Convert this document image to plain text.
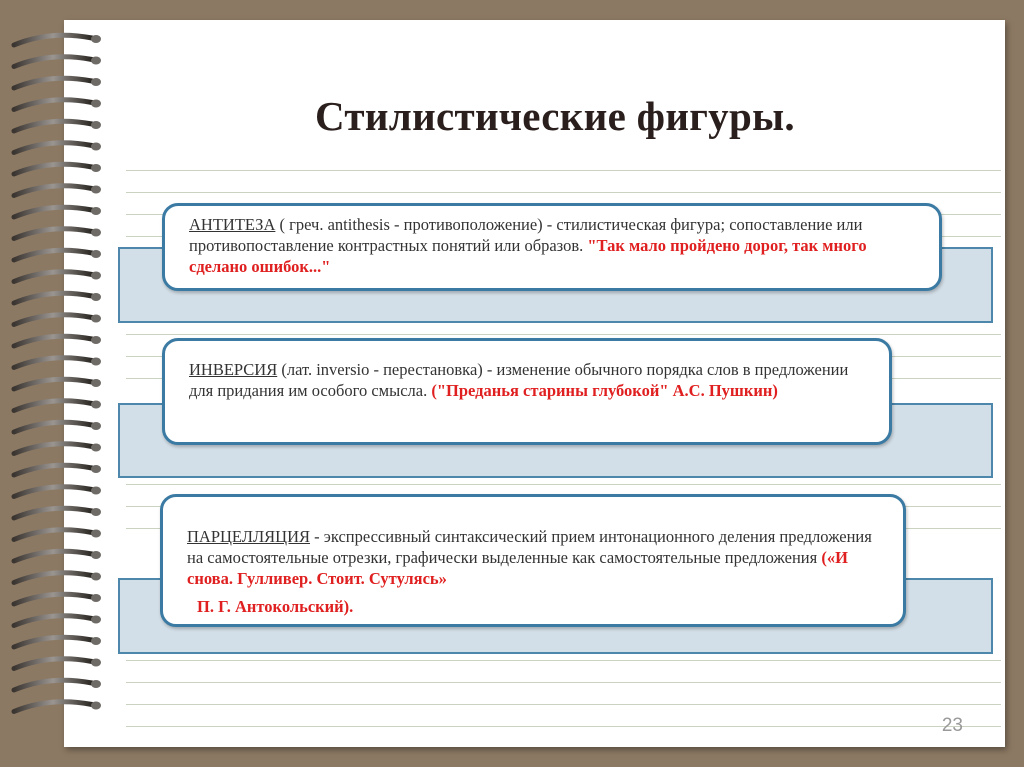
23
Стилистические фигуры.
АНТИТЕЗА ( греч. antithesis - противоположение) - стилистическая фигура; сопоставление или противопоставление контрастных понятий или образов. "Так мало пройдено дорог, так много сделано ошибок..."
ИНВЕРСИЯ (лат. inversio - перестановка) - изменение обычного порядка слов в предложении для придания им особого смысла. ("Преданья старины глубокой" А.С. Пушкин)
ПАРЦЕЛЛЯЦИЯ - экспрессивный синтаксический прием интонационного деления предложения на самостоятельные отрезки, графически выделенные как самостоятельные предложения («И снова. Гулливер. Стоит. Сутулясь»
П. Г. Антокольский).
